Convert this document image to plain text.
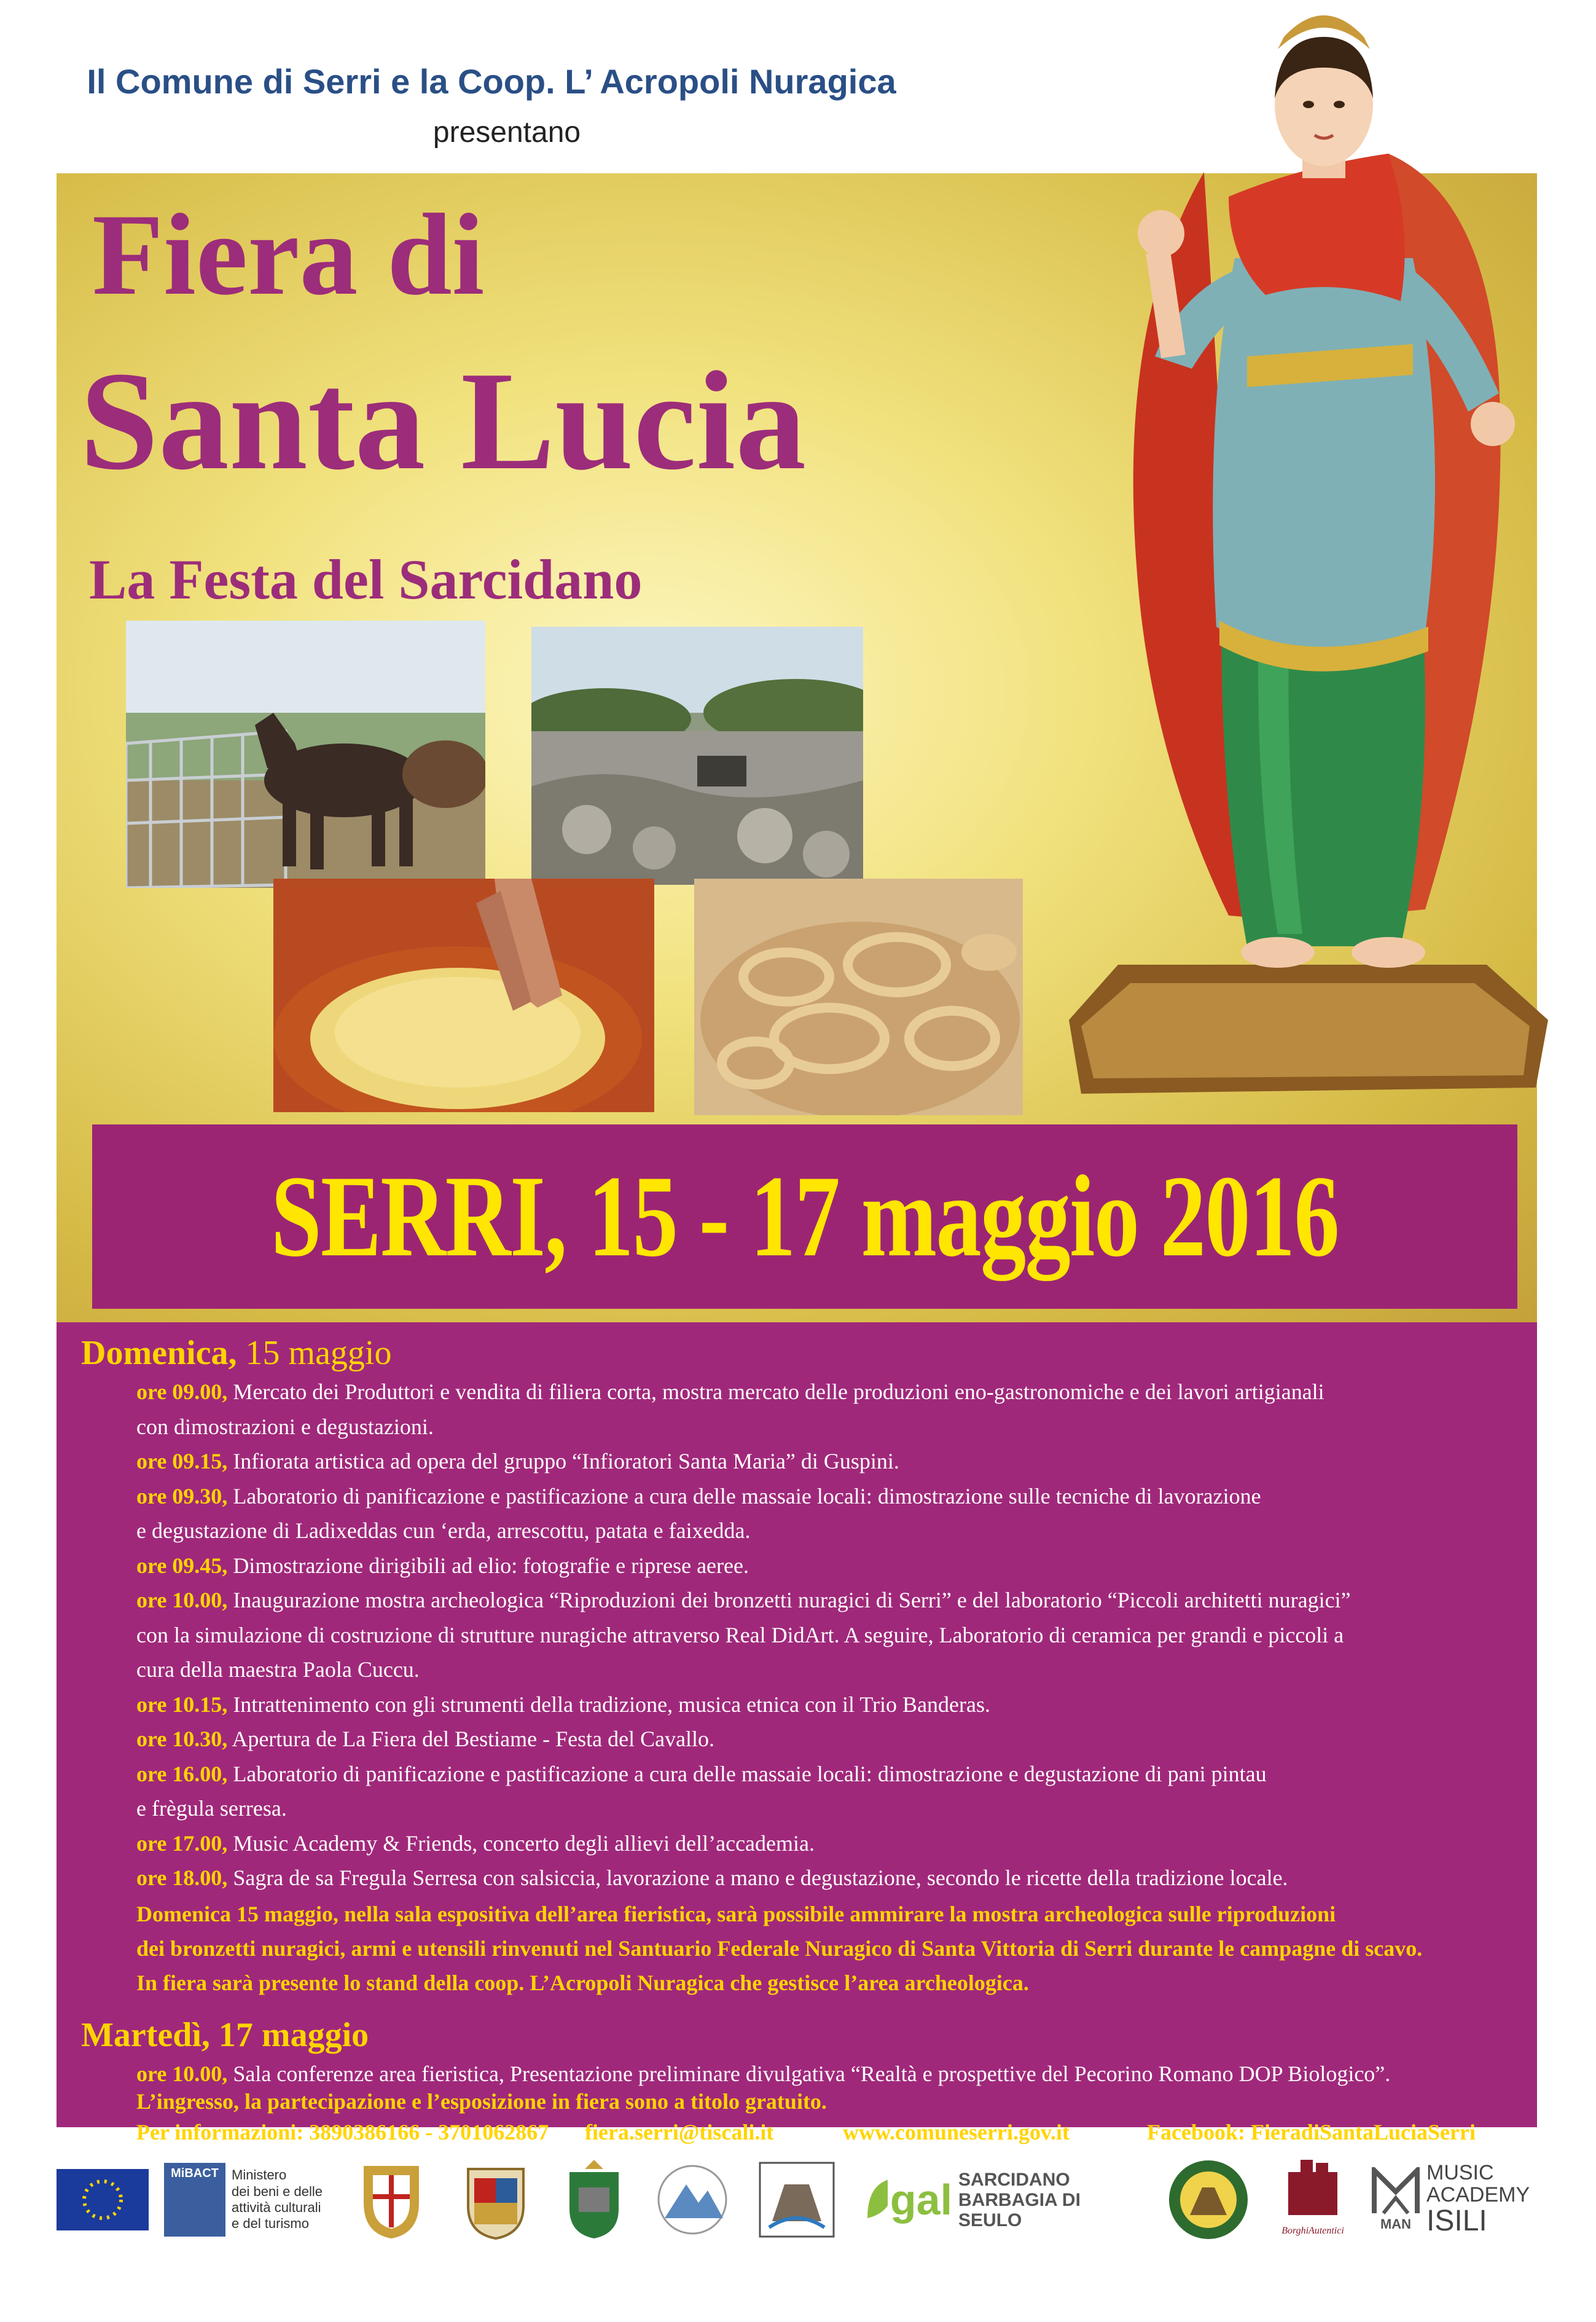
Il Comune di Serri e la Coop. L’ Acropoli Nuragica
presentano
Fiera di
Santa Lucia
La Festa del Sarcidano
SERRI, 15 - 17 maggio 2016
Domenica, 15 maggio
ore 09.00, Mercato dei Produttori e vendita di filiera corta, mostra mercato delle produzioni eno-gastronomiche e dei lavori artigianali
con dimostrazioni e degustazioni.
ore 09.15, Infiorata artistica ad opera del gruppo “Infioratori Santa Maria” di Guspini.
ore 09.30, Laboratorio di panificazione e pastificazione a cura delle massaie locali: dimostrazione sulle tecniche di lavorazione
e degustazione di Ladixeddas cun ‘erda, arrescottu, patata e faixedda.
ore 09.45, Dimostrazione dirigibili ad elio: fotografie e riprese aeree.
ore 10.00, Inaugurazione mostra archeologica “Riproduzioni dei bronzetti nuragici di Serri” e del laboratorio “Piccoli architetti nuragici”
con la simulazione di costruzione di strutture nuragiche attraverso Real DidArt. A seguire, Laboratorio di ceramica per grandi e piccoli a
cura della maestra Paola Cuccu.
ore 10.15, Intrattenimento con gli strumenti della tradizione, musica etnica con il Trio Banderas.
ore 10.30, Apertura de La Fiera del Bestiame - Festa del Cavallo.
ore 16.00, Laboratorio di panificazione e pastificazione a cura delle massaie locali: dimostrazione e degustazione di pani pintau
e frègula serresa.
ore 17.00, Music Academy & Friends, concerto degli allievi dell’accademia.
ore 18.00, Sagra de sa Fregula Serresa con salsiccia, lavorazione a mano e degustazione, secondo le ricette della tradizione locale.
Domenica 15 maggio, nella sala espositiva dell’area fieristica, sarà possibile ammirare la mostra archeologica sulle riproduzioni
dei bronzetti nuragici, armi e utensili rinvenuti nel Santuario Federale Nuragico di Santa Vittoria di Serri durante le campagne di scavo.
In fiera sarà presente lo stand della coop. L’Acropoli Nuragica che gestisce l’area archeologica.
Martedì, 17 maggio
ore 10.00, Sala conferenze area fieristica, Presentazione preliminare divulgativa “Realtà e prospettive del Pecorino Romano DOP Biologico”.
L’ingresso, la partecipazione e l’esposizione in fiera sono a titolo gratuito.
Per informazioni: 3890386166 - 3701062867 fiera.serri@tiscali.it	www.comuneserri.gov.it	Facebook: FieradiSantaLuciaSerri
MiBACT Ministero
dei beni e delle
attività culturali
e del turismo	gal SARCIDANO
BARBAGIA DI SEULO
BorghiAutentici	MAN
MUSIC
ACADEMY
ISILI
